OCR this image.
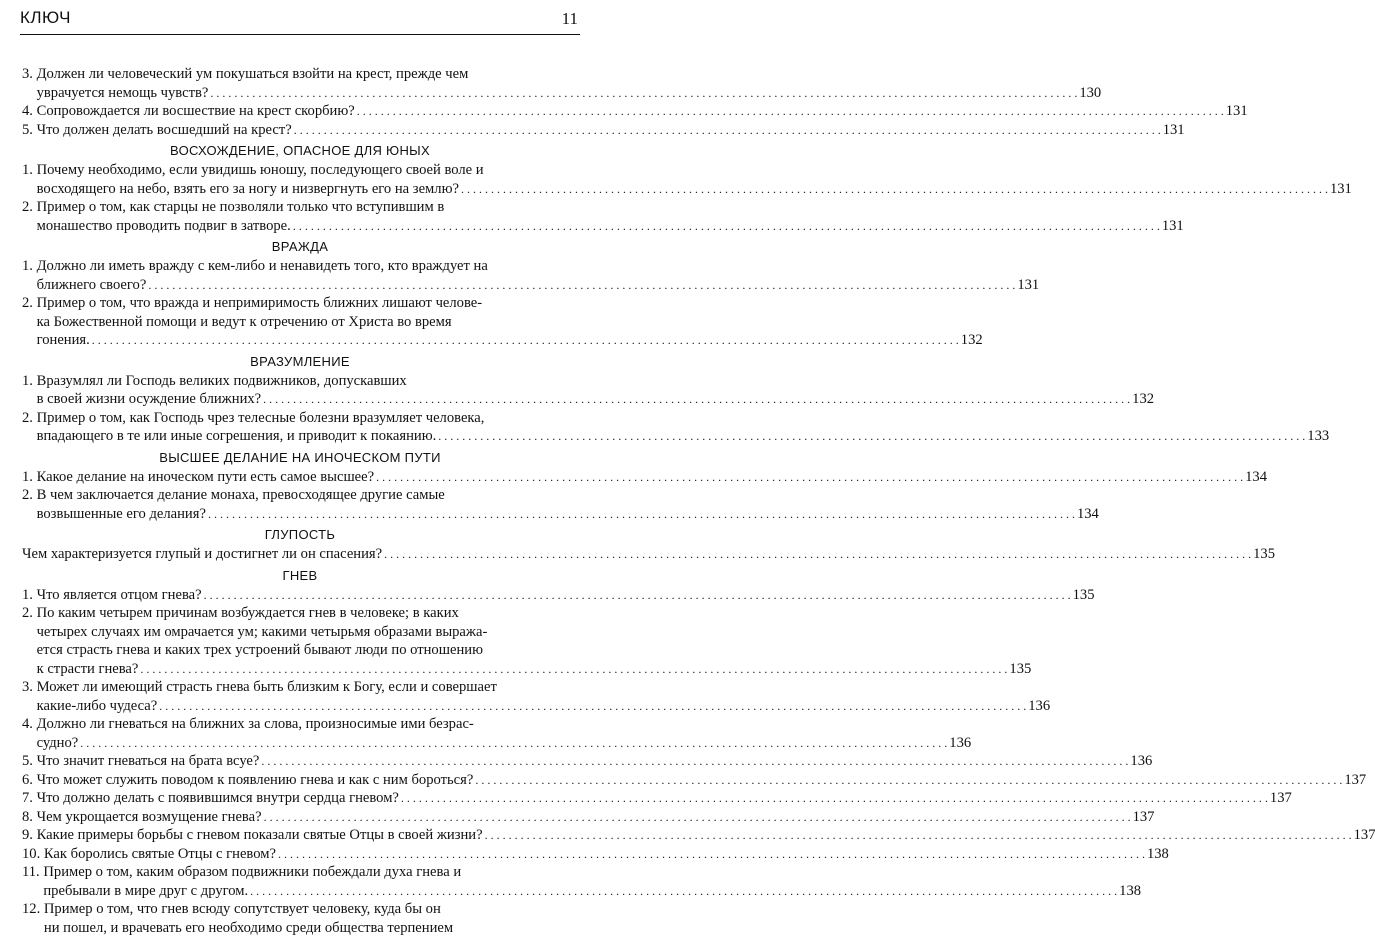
КЛЮЧ	11
3. Должен ли человеческий ум покушаться взойти на крест, прежде чем
уврачуется немощь чувств? . . .	130
4. Сопровождается ли восшествие на крест скорбию? . . .	131
5. Что должен делать восшедший на крест? . . .	131
ВОСХОЖДЕНИЕ, ОПАСНОЕ ДЛЯ ЮНЫХ
1. Почему необходимо, если увидишь юношу, последующего своей воле и
восходящего на небо, взять его за ногу и низвергнуть его на землю? . . .	131
2. Пример о том, как старцы не позволяли только что вступившим в
монашество проводить подвиг в затворе. . . .	131
ВРАЖДА
1. Должно ли иметь вражду с кем-либо и ненавидеть того, кто враждует на
ближнего своего? . . .	131
2. Пример о том, что вражда и непримиримость ближних лишают челове-
ка Божественной помощи и ведут к отречению от Христа во время
гонения. . . .	132
ВРАЗУМЛЕНИЕ
1. Вразумлял ли Господь великих подвижников, допускавших
в своей жизни осуждение ближних? . . .	132
2. Пример о том, как Господь чрез телесные болезни вразумляет человека,
впадающего в те или иные согрешения, и приводит к покаянию. . . .	133
ВЫСШЕЕ ДЕЛАНИЕ НА ИНОЧЕСКОМ ПУТИ
1. Какое делание на иноческом пути есть самое высшее? . . .	134
2. В чем заключается делание монаха, превосходящее другие самые
возвышенные его делания? . . .	134
ГЛУПОСТЬ
Чем характеризуется глупый и достигнет ли он спасения? . . .	135
ГНЕВ
1. Что является отцом гнева? . . .	135
2. По каким четырем причинам возбуждается гнев в человеке; в каких
четырех случаях им омрачается ум; какими четырьмя образами выража-
ется страсть гнева и каких трех устроений бывают люди по отношению
к страсти гнева? . . .	135
3. Может ли имеющий страсть гнева быть близким к Богу, если и совершает
какие-либо чудеса? . . .	136
4. Должно ли гневаться на ближних за слова, произносимые ими безрас-
судно? . . .	136
5. Что значит гневаться на брата всуе? . . .	136
6. Что может служить поводом к появлению гнева и как с ним бороться? . . .	137
7. Что должно делать с появившимся внутри сердца гневом? . . .	137
8. Чем укрощается возмущение гнева? . . .	137
9. Какие примеры борьбы с гневом показали святые Отцы в своей жизни? . . .	137
10. Как боролись святые Отцы с гневом? . . .	138
11. Пример о том, каким образом подвижники побеждали духа гнева и
пребывали в мире друг с другом. . . .	138
12. Пример о том, что гнев всюду сопутствует человеку, куда бы он
ни пошел, и врачевать его необходимо среди общества терпением
